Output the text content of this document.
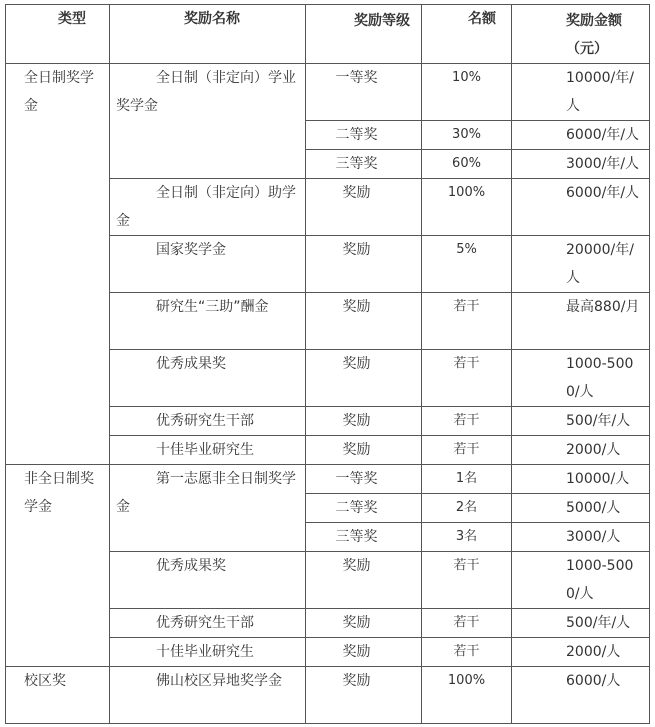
类型	奖励名称	奖励等级	名额	奖励金额（元）
全日制奖学金	全日制（非定向）学业奖学金	一等奖	10%	10000/年/人
		二等奖	30%	6000/年/人
		三等奖	60%	3000/年/人
	全日制（非定向）助学金	奖励	100%	6000/年/人
	国家奖学金	奖励	5%	20000/年/人
	研究生“三助”酬金	奖励	若干	最高880/月
	优秀成果奖	奖励	若干	1000-5000/人
	优秀研究生干部	奖励	若干	500/年/人
	十佳毕业研究生	奖励	若干	2000/人
非全日制奖学金	第一志愿非全日制奖学金	一等奖	1名	10000/人
		二等奖	2名	5000/人
		三等奖	3名	3000/人
	优秀成果奖	奖励	若干	1000-5000/人
	优秀研究生干部	奖励	若干	500/年/人
	十佳毕业研究生	奖励	若干	2000/人
校区奖	佛山校区异地奖学金	奖励	100%	6000/人
